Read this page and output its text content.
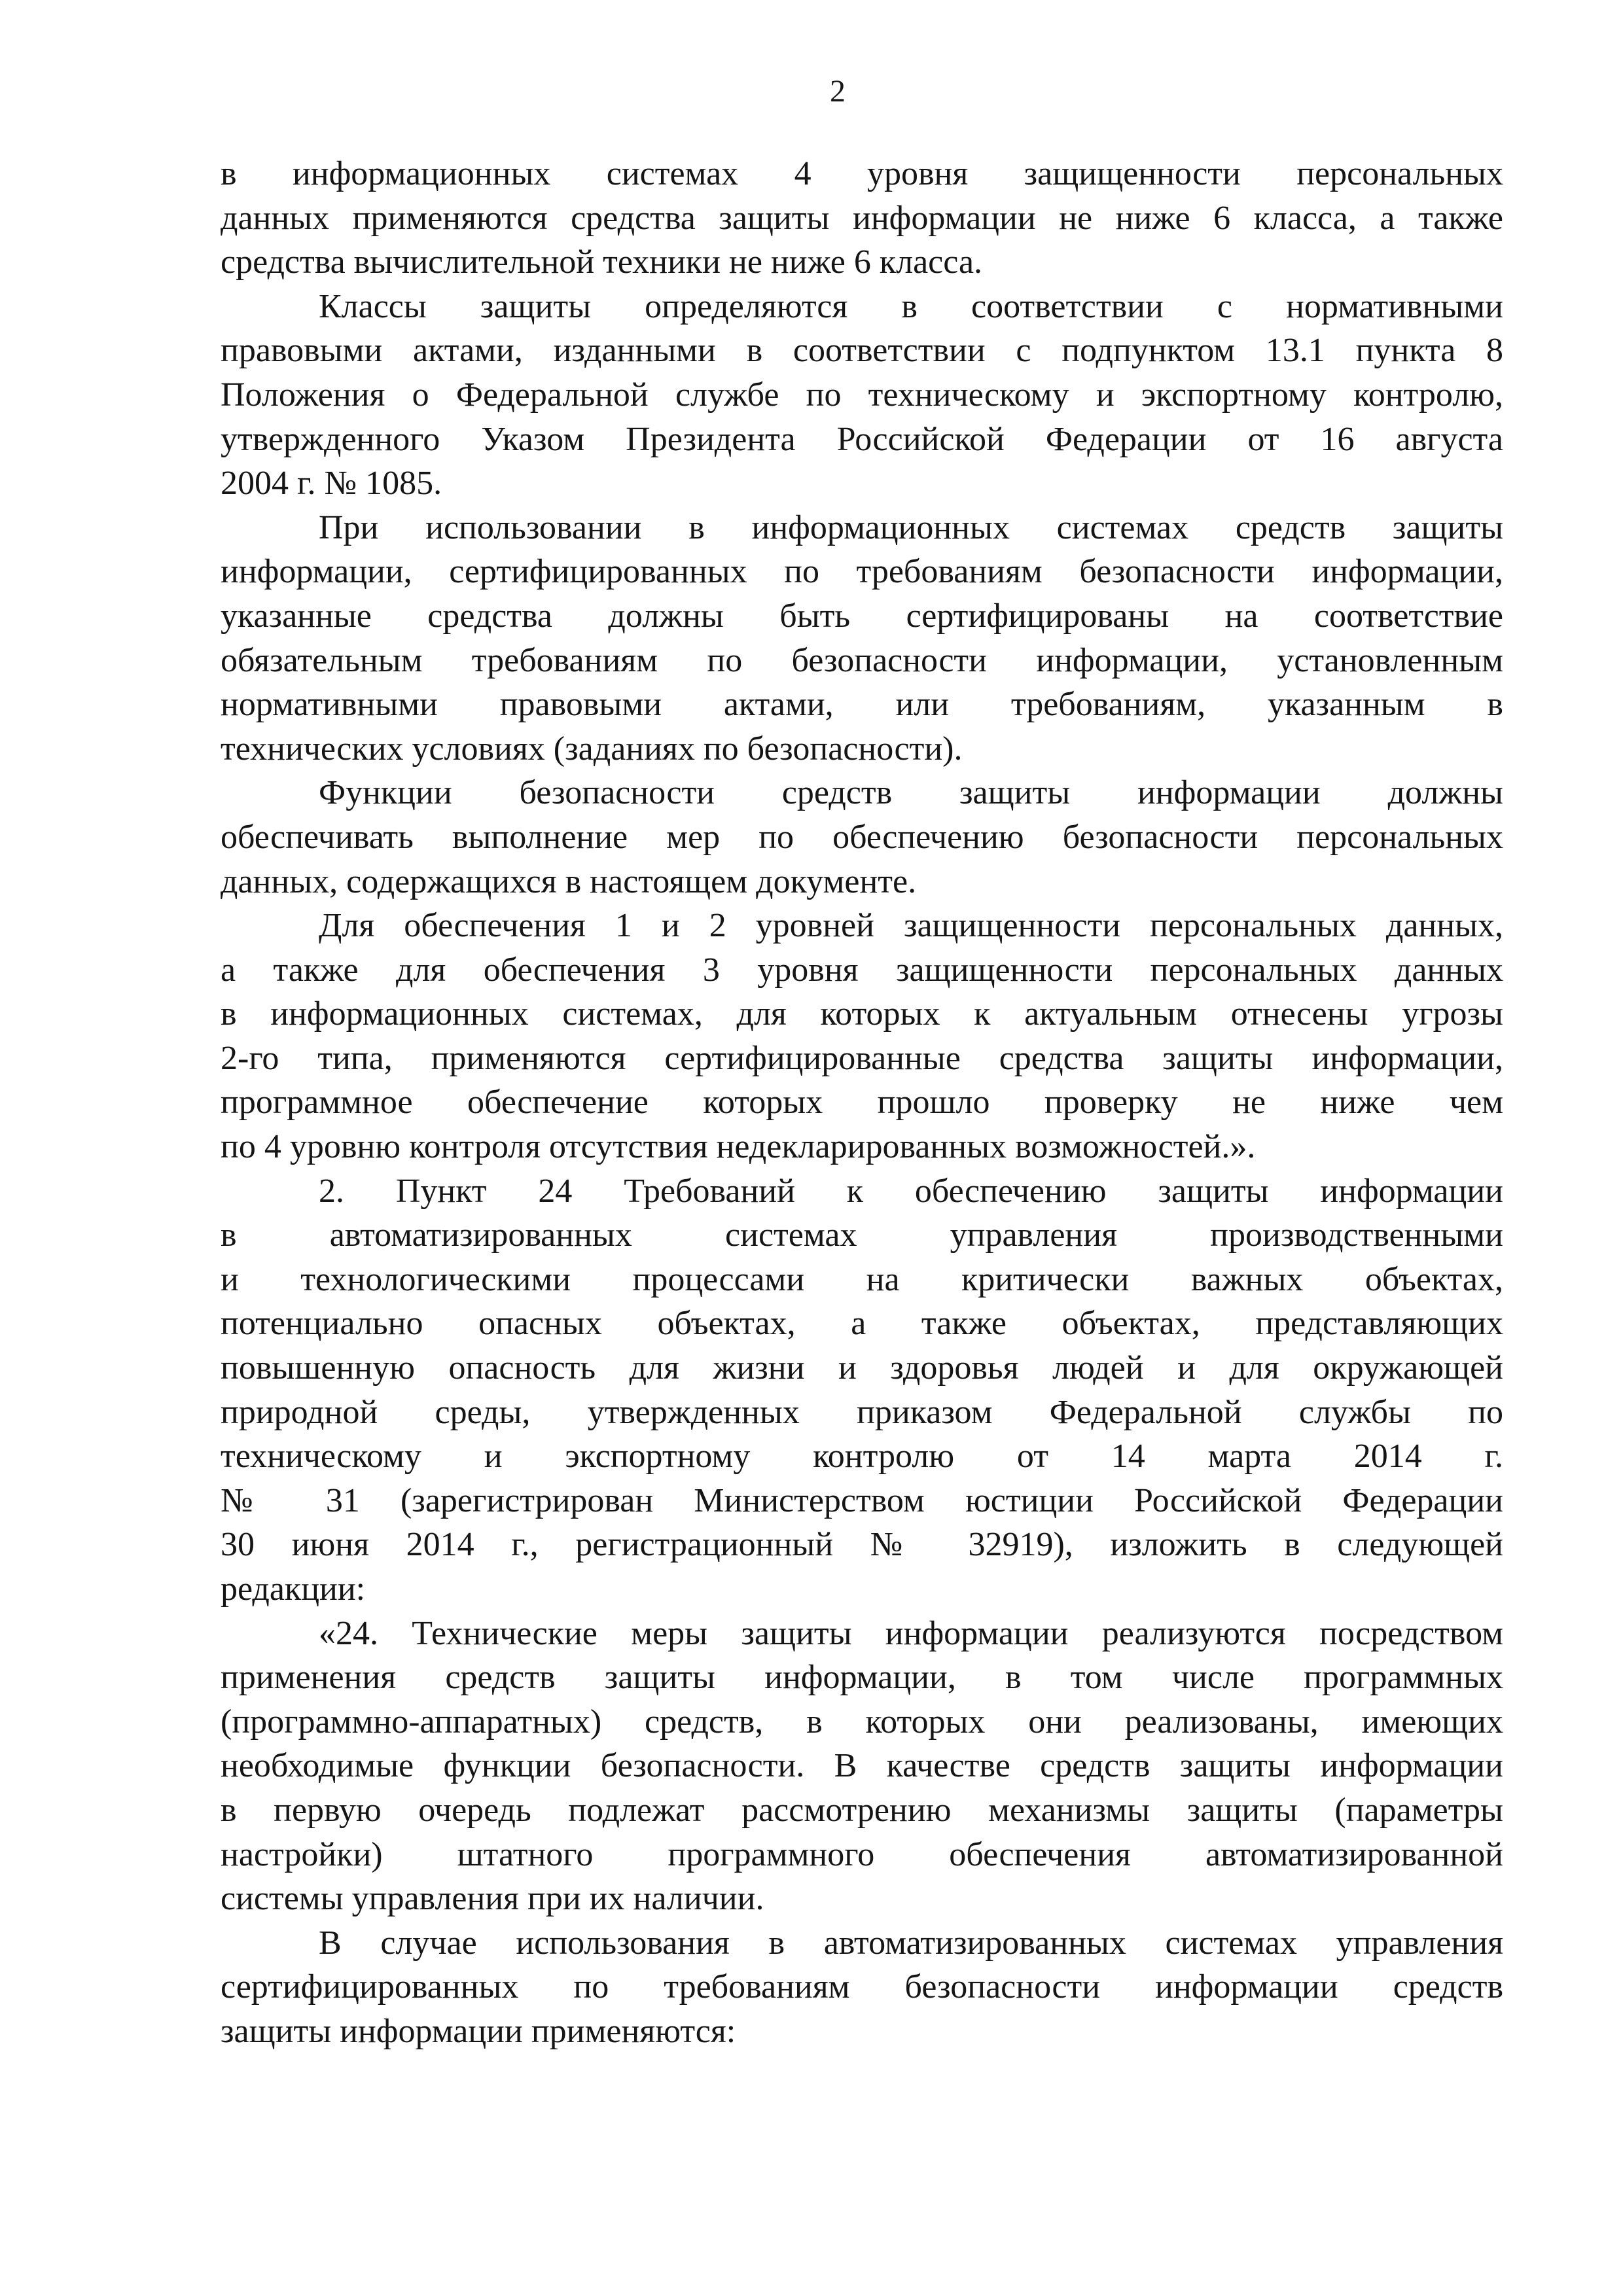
2
в информационных системах 4 уровня защищенности персональных
данных применяются средства защиты информации не ниже 6 класса, а также
средства вычислительной техники не ниже 6 класса.
Классы защиты определяются в соответствии с нормативными
правовыми актами, изданными в соответствии с подпунктом 13.1 пункта 8
Положения о Федеральной службе по техническому и экспортному контролю,
утвержденного Указом Президента Российской Федерации от 16 августа
2004 г. № 1085.
При использовании в информационных системах средств защиты
информации, сертифицированных по требованиям безопасности информации,
указанные средства должны быть сертифицированы на соответствие
обязательным требованиям по безопасности информации, установленным
нормативными правовыми актами, или требованиям, указанным в
технических условиях (заданиях по безопасности).
Функции безопасности средств защиты информации должны
обеспечивать выполнение мер по обеспечению безопасности персональных
данных, содержащихся в настоящем документе.
Для обеспечения 1 и 2 уровней защищенности персональных данных,
а также для обеспечения 3 уровня защищенности персональных данных
в информационных системах, для которых к актуальным отнесены угрозы
2-го типа, применяются сертифицированные средства защиты информации,
программное обеспечение которых прошло проверку не ниже чем
по 4 уровню контроля отсутствия недекларированных возможностей.».
2. Пункт 24 Требований к обеспечению защиты информации
в автоматизированных системах управления производственными
и технологическими процессами на критически важных объектах,
потенциально опасных объектах, а также объектах, представляющих
повышенную опасность для жизни и здоровья людей и для окружающей
природной среды, утвержденных приказом Федеральной службы по
техническому и экспортному контролю от 14 марта 2014 г.
№ 31 (зарегистрирован Министерством юстиции Российской Федерации
30 июня 2014 г., регистрационный № 32919), изложить в следующей
редакции:
«24. Технические меры защиты информации реализуются посредством
применения средств защиты информации, в том числе программных
(программно-аппаратных) средств, в которых они реализованы, имеющих
необходимые функции безопасности. В качестве средств защиты информации
в первую очередь подлежат рассмотрению механизмы защиты (параметры
настройки) штатного программного обеспечения автоматизированной
системы управления при их наличии.
В случае использования в автоматизированных системах управления
сертифицированных по требованиям безопасности информации средств
защиты информации применяются:
